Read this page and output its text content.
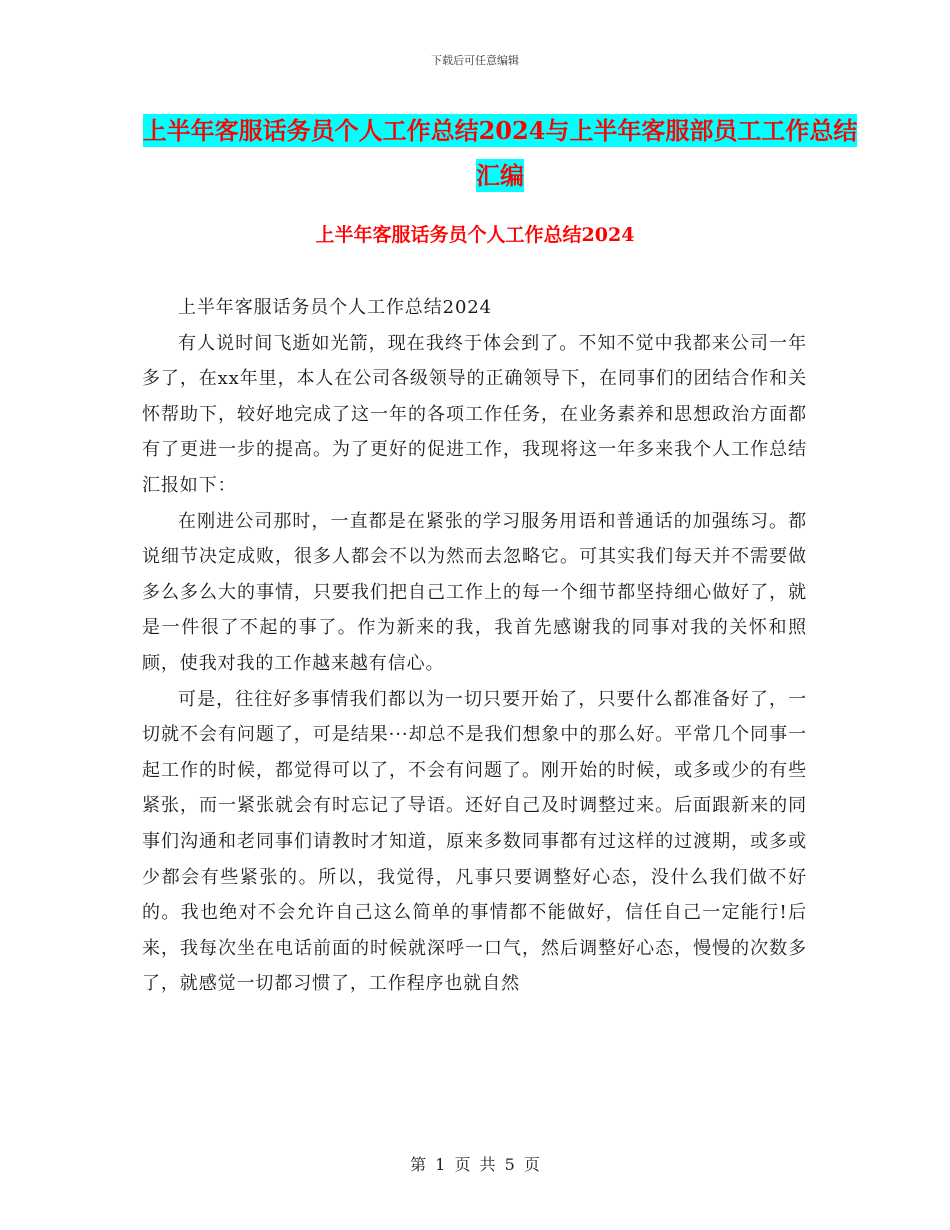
下载后可任意编辑
上半年客服话务员个人工作总结2024与上半年客服部员工工作总结汇编
上半年客服话务员个人工作总结2024

上半年客服话务员个人工作总结2024

有人说时间飞逝如光箭，现在我终于体会到了。不知不觉中我都来公司一年多了，在xx年里，本人在公司各级领导的正确领导下，在同事们的团结合作和关怀帮助下，较好地完成了这一年的各项工作任务，在业务素养和思想政治方面都有了更进一步的提高。为了更好的促进工作，我现将这一年多来我个人工作总结汇报如下：

在刚进公司那时，一直都是在紧张的学习服务用语和普通话的加强练习。都说细节决定成败，很多人都会不以为然而去忽略它。可其实我们每天并不需要做多么多么大的事情，只要我们把自己工作上的每一个细节都坚持细心做好了，就是一件很了不起的事了。作为新来的我，我首先感谢我的同事对我的关怀和照顾，使我对我的工作越来越有信心。

可是，往往好多事情我们都以为一切只要开始了，只要什么都准备好了，一切就不会有问题了，可是结果···却总不是我们想象中的那么好。平常几个同事一起工作的时候，都觉得可以了，不会有问题了。刚开始的时候，或多或少的有些紧张，而一紧张就会有时忘记了导语。还好自己及时调整过来。后面跟新来的同事们沟通和老同事们请教时才知道，原来多数同事都有过这样的过渡期，或多或少都会有些紧张的。所以，我觉得，凡事只要调整好心态，没什么我们做不好的。我也绝对不会允许自己这么简单的事情都不能做好，信任自己一定能行!后来，我每次坐在电话前面的时候就深呼一口气，然后调整好心态，慢慢的次数多了，就感觉一切都习惯了，工作程序也就自然

第 1 页 共 5 页
